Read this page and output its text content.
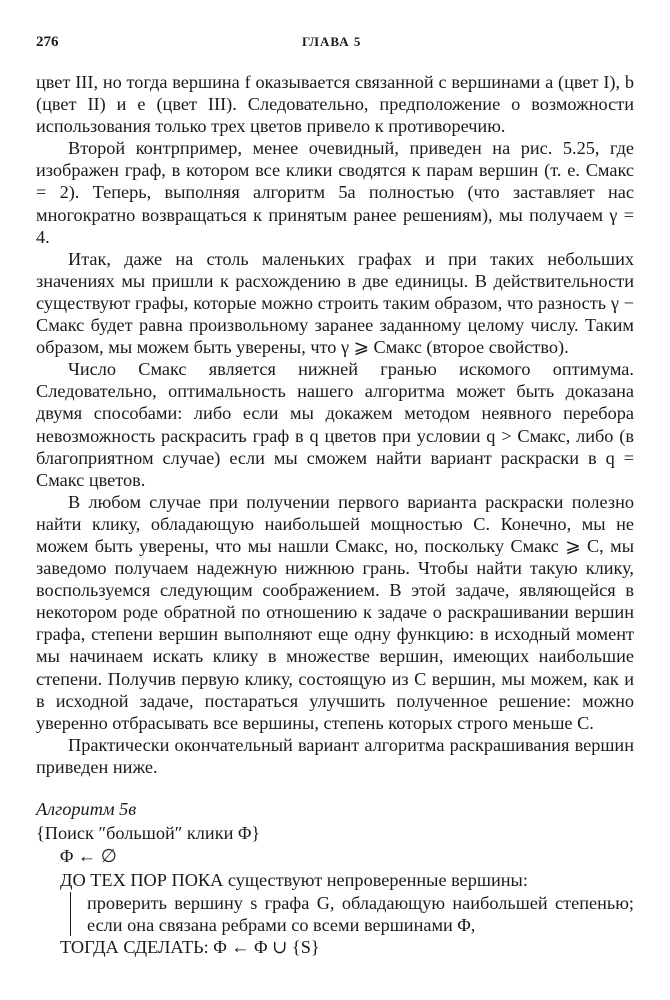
276	ГЛАВА 5

цвет III, но тогда вершина f оказывается связанной с вершинами a (цвет I), b (цвет II) и e (цвет III). Следовательно, предположение о возможности использования только трех цветов привело к противоречию.

Второй контрпример, менее очевидный, приведен на рис. 5.25, где изображен граф, в котором все клики сводятся к парам вершин (т. е. Cмакс = 2). Теперь, выполняя алгоритм 5а полностью (что заставляет нас многократно возвращаться к принятым ранее решениям), мы получаем γ = 4.

Итак, даже на столь маленьких графах и при таких небольших значениях мы пришли к расхождению в две единицы. В действительности существуют графы, которые можно строить таким образом, что разность γ − Cмакс будет равна произвольному заранее заданному целому числу. Таким образом, мы можем быть уверены, что γ ⩾ Cмакс (второе свойство).

Число Cмакс является нижней гранью искомого оптимума. Следовательно, оптимальность нашего алгоритма может быть доказана двумя способами: либо если мы докажем методом неявного перебора невозможность раскрасить граф в q цветов при условии q > Cмакс, либо (в благоприятном случае) если мы сможем найти вариант раскраски в q = Cмакс цветов.

В любом случае при получении первого варианта раскраски полезно найти клику, обладающую наибольшей мощностью C. Конечно, мы не можем быть уверены, что мы нашли Cмакс, но, поскольку Cмакс ⩾ C, мы заведомо получаем надежную нижнюю грань. Чтобы найти такую клику, воспользуемся следующим соображением. В этой задаче, являющейся в некотором роде обратной по отношению к задаче о раскрашивании вершин графа, степени вершин выполняют еще одну функцию: в исходный момент мы начинаем искать клику в множестве вершин, имеющих наибольшие степени. Получив первую клику, состоящую из C вершин, мы можем, как и в исходной задаче, постараться улучшить полученное решение: можно уверенно отбрасывать все вершины, степень которых строго меньше C.

Практически окончательный вариант алгоритма раскрашивания вершин приведен ниже.

Алгоритм 5в
{Поиск ″большой″ клики Φ}
Φ ← ∅
ДО ТЕХ ПОР ПОКА существуют непроверенные вершины:
проверить вершину s графа G, обладающую наибольшей степенью; если она связана ребрами со всеми вершинами Φ,
ТОГДА СДЕЛАТЬ: Φ ← Φ ∪ {S}
